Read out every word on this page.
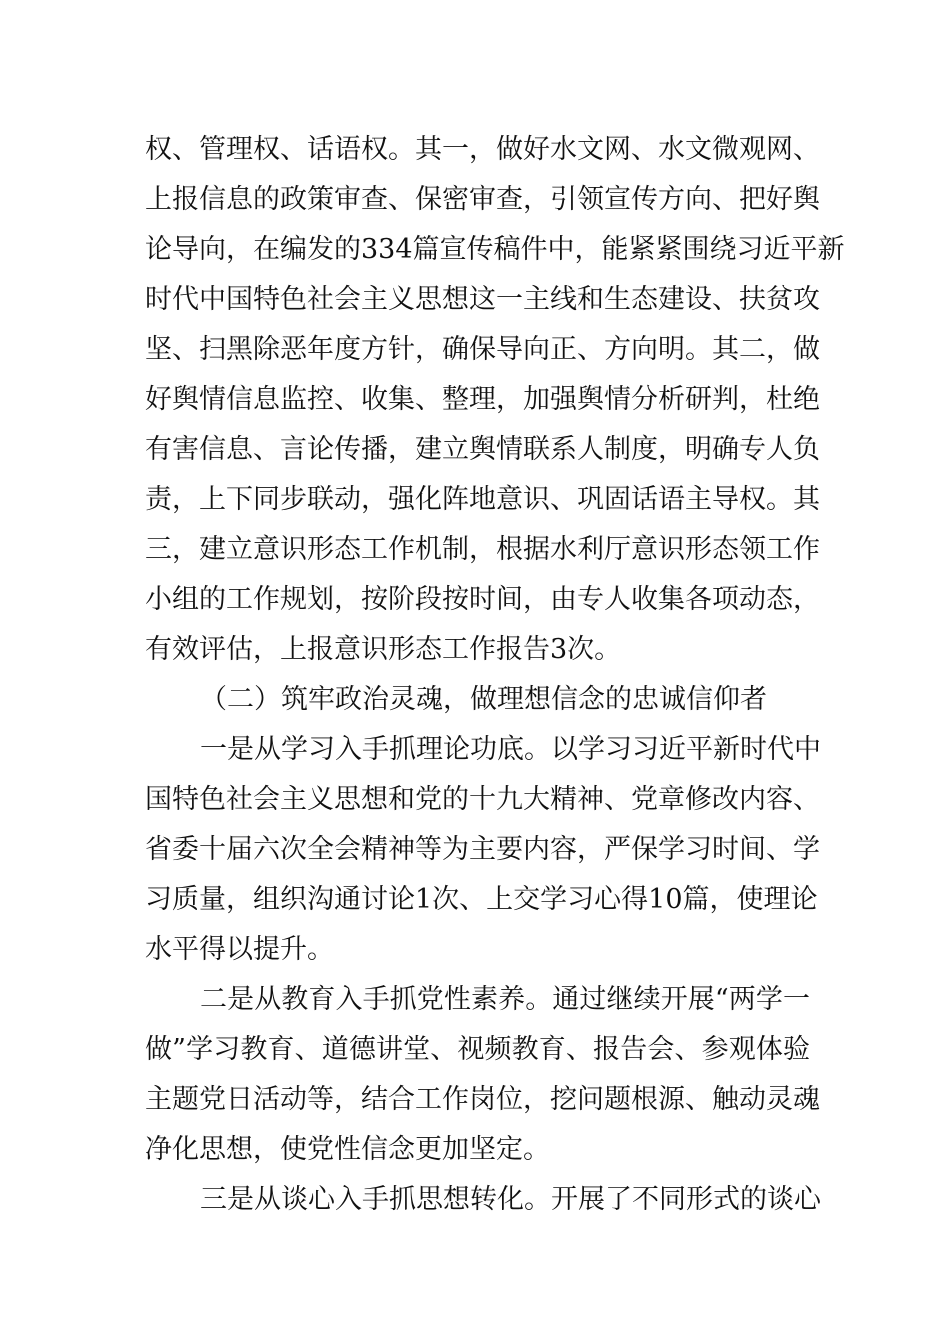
权、管理权、话语权。其一，做好水文网、水文微观网、
上报信息的政策审查、保密审查，引领宣传方向、把好舆
论导向，在编发的334篇宣传稿件中，能紧紧围绕习近平新
时代中国特色社会主义思想这一主线和生态建设、扶贫攻
坚、扫黑除恶年度方针，确保导向正、方向明。其二，做
好舆情信息监控、收集、整理，加强舆情分析研判，杜绝
有害信息、言论传播，建立舆情联系人制度，明确专人负
责，上下同步联动，强化阵地意识、巩固话语主导权。其
三，建立意识形态工作机制，根据水利厅意识形态领工作
小组的工作规划，按阶段按时间，由专人收集各项动态，
有效评估，上报意识形态工作报告3次。
（二）筑牢政治灵魂，做理想信念的忠诚信仰者
一是从学习入手抓理论功底。以学习习近平新时代中
国特色社会主义思想和党的十九大精神、党章修改内容、
省委十届六次全会精神等为主要内容，严保学习时间、学
习质量，组织沟通讨论1次、上交学习心得10篇，使理论
水平得以提升。
二是从教育入手抓党性素养。通过继续开展“两学一
做”学习教育、道德讲堂、视频教育、报告会、参观体验
主题党日活动等，结合工作岗位，挖问题根源、触动灵魂
净化思想，使党性信念更加坚定。
三是从谈心入手抓思想转化。开展了不同形式的谈心
